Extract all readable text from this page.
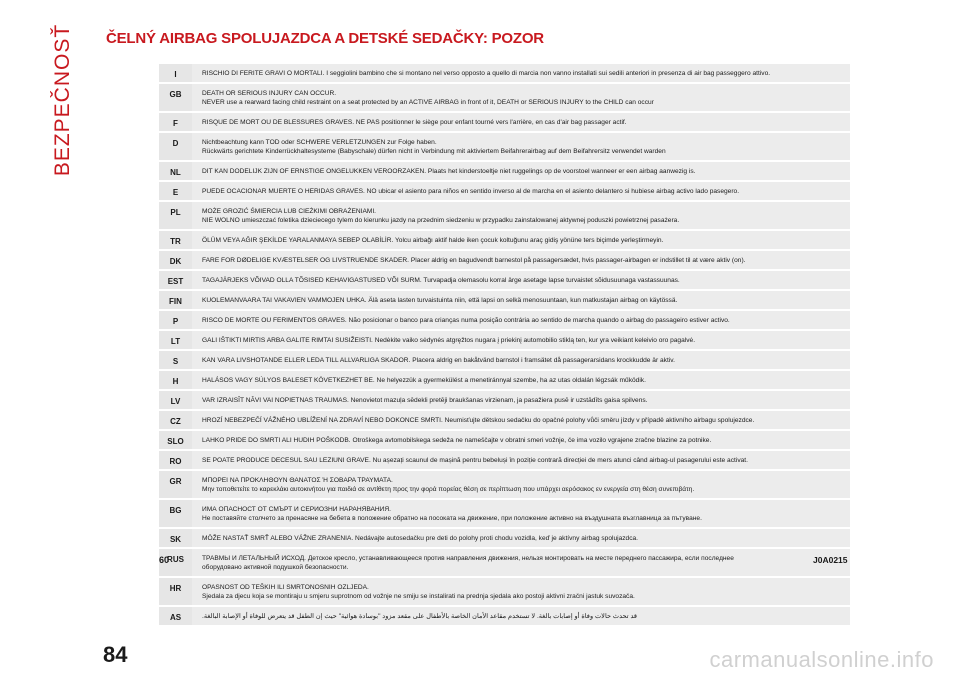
BEZPEČNOSŤ ČELNÝ AIRBAG SPOLUJAZDCA A DETSKÉ SEDAČKY: POZOR
I	RISCHIO DI FERITE GRAVI O MORTALI. I seggiolini bambino che si montano nel verso opposto a quello di marcia non vanno installati sui sedili anteriori in presenza di air bag passeggero attivo.

GB	DEATH OR SERIOUS INJURY CAN OCCUR.
NEVER use a rearward facing child restraint on a seat protected by an ACTIVE AIRBAG in front of it, DEATH or SERIOUS INJURY to the CHILD can occur

F	RISQUE DE MORT OU DE BLESSURES GRAVES. NE PAS positionner le siège pour enfant tourné vers l'arrière, en cas d'air bag passager actif.

D	Nichtbeachtung kann TOD oder SCHWERE VERLETZUNGEN zur Folge haben.
Rückwärts gerichtete Kinderrückhaltesysteme (Babyschale) dürfen nicht in Verbindung mit aktiviertem Beifahrerairbag auf dem Beifahrersitz verwendet warden

NL	DIT KAN DODELIJK ZIJN OF ERNSTIGE ONGELUKKEN VEROORZAKEN. Plaats het kinderstoeltje niet ruggelings op de voorstoel wanneer er een airbag aanwezig is.

E	PUEDE OCACIONAR MUERTE O HERIDAS GRAVES. NO ubicar el asiento para niños en sentido inverso al de marcha en el asiento delantero si hubiese airbag activo lado pasegero.

PL	MOŻE GROZIĆ ŚMIERCIA LUB CIEŻKIMI OBRAŻENIAMI.
NIE WOLNO umieszczać foletika dzieciecego tylem do kierunku jazdy na przednim siedzeniu w przypadku zainstalowanej aktywnej poduszki powietrznej pasażera.

TR	ÖLÜM VEYA AĞIR ŞEKİLDE YARALANMAYA SEBEP OLABİLİR. Yolcu airbağı aktif halde iken çocuk koltuğunu araç gidiş yönüne ters biçimde yerleştirmeyin.

DK	FARE FOR DØDELIGE KVÆSTELSER OG LIVSTRUENDE SKADER. Placer aldrig en bagudvendt barnestol på passagersædet, hvis passager-airbagen er indstillet til at være aktiv (on).

EST	TAGAJÄRJEKS VÕIVAD OLLA TÕSISED KEHAVIGASTUSED VÕI SURM. Turvapadja olemasolu korral ärge asetage lapse turvaistet sõidusuunaga vastassuunas.

FIN	KUOLEMANVAARA TAI VAKAVIEN VAMMOJEN UHKA. Älä aseta lasten turvaistuinta niin, että lapsi on selkä menosuuntaan, kun matkustajan airbag on käytössä.

P	RISCO DE MORTE OU FERIMENTOS GRAVES. Não posicionar o banco para crianças numa posição contrária ao sentido de marcha quando o airbag do passageiro estiver activo.

LT	GALI IŠTIKTI MIRTIS ARBA GALITE RIMTAI SUSIŽEISTI. Nedėkite vaiko sėdynės atgręžtos nugara į priekinį automobilio stiklą ten, kur yra veikiant keleivio oro pagalvė.

S	KAN VARA LIVSHOTANDE ELLER LEDA TILL ALLVARLIGA SKADOR. Placera aldrig en bakåtvänd barnstol i framsätet då passagerarsidans krockkudde är aktiv.

H	HALÁSOS VAGY SÚLYOS BALESET KÖVETKEZHET BE. Ne helyezzük a gyermekülést a menetiránnyal szembe, ha az utas oldalán légzsák működik.

LV	VAR IZRAISĪT NĀVI VAI NOPIETNAS TRAUMAS. Nenovietot mazuļa sēdekli pretēji braukšanas virzienam, ja pasažiera pusē ir uzstādīts gaisa spilvens.

CZ	HROZÍ NEBEZPEČÍ VÁŽNÉHO UBLÍŽENÍ NA ZDRAVÍ NEBO DOKONCE SMRTI. Neumisťujte dětskou sedačku do opačné polohy vůči směru jízdy v případě aktivního airbagu spolujezdce.

SLO	LAHKO PRIDE DO SMRTI ALI HUDIH POŠKODB. Otroškega avtomobilskega sedeža ne nameščajte v obratni smeri vožnje, če ima vozilo vgrajene zračne blazine za potnike.

RO	SE POATE PRODUCE DECESUL SAU LEZIUNI GRAVE. Nu așezați scaunul de mașină pentru bebeluși în poziție contrară direcției de mers atunci când airbag-ul pasagerului este activat.

GR	ΜΠΟΡΕΙ ΝΑ ΠΡΟΚΛΗΘΟΥΝ ΘΑΝΑΤΟΣ Ή ΣΟΒΑΡΑ ΤΡΑΥΜΑΤΑ.
Μην τοποθετείτε το καρεκλάκι αυτοκινήτου για παιδιά σε αντίθετη προς την φορά πορείας θέση σε περίπτωση που υπάρχει αερόσακος εν ενεργεία στη θέση συνεπιβάτη.

BG	ИМА ОПАСНОСТ ОТ СМЪРТ И СЕРИОЗНИ НАРАНЯВАНИЯ.
Не поставяйте столчето за пренасяне на бебета в положение обратно на посоката на движение, при положение активно на въздушната възглавница за пътуване.

SK	MÔŽE NASTAŤ SMRŤ ALEBO VÁŽNE ZRANENIA. Nedávajte autosedačku pre deti do polohy proti chodu vozidla, keď je aktívny airbag spolujazdca.

RUS	ТРАВМЫ И ЛЕТАЛЬНЫЙ ИСХОД. Детское кресло, устанавливающееся против направления движения, нельзя монтировать на месте переднего пассажира, если последнее
оборудовано активной подушкой безопасности.

HR	OPASNOST OD TEŠKIH ILI SMRTONOSNIH OZLJEDA.
Sjedala za djecu koja se montiraju u smjeru suprotnom od vožnje ne smiju se instalirati na prednja sjedala ako postoji aktivni zračni jastuk suvozača.

AS	قد تحدث حالات وفاة أو إصابات بالغة. لا تستخدم مقاعد الأمان الخاصة بالأطفال على مقعد مزود "بوسادة هوائية" حيث إن الطفل قد يتعرض للوفاة أو الإصابة البالغة.
60	J0A0215
84	carmanualsonline.info
